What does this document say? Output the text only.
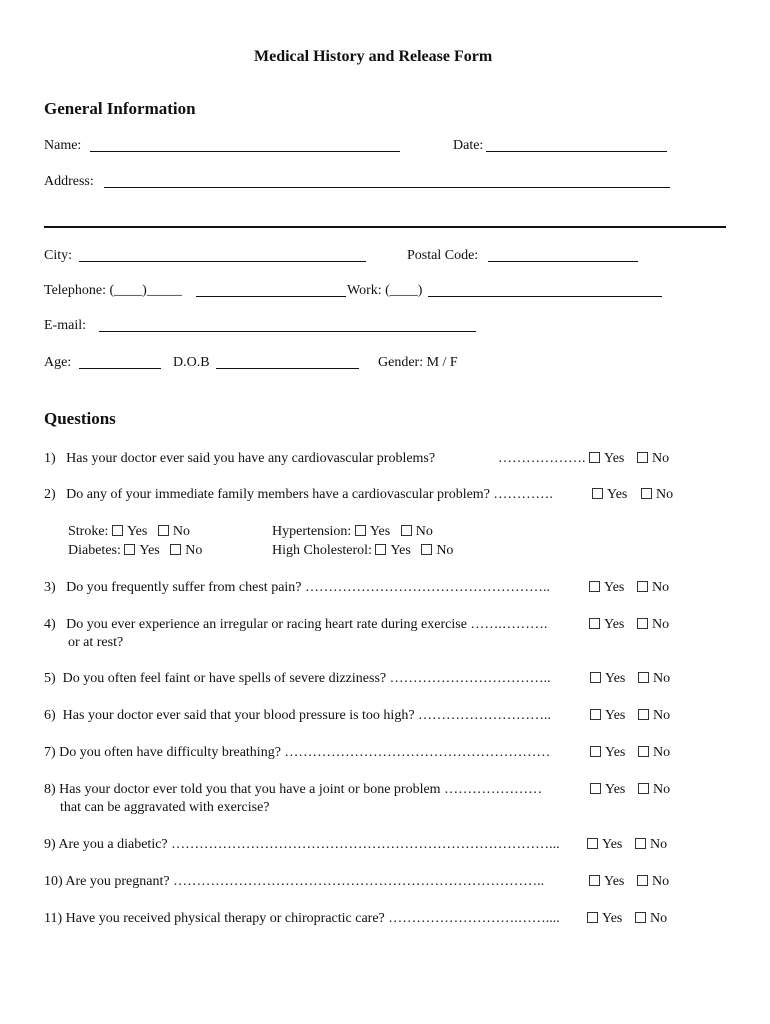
Medical History and Release Form
General Information
Name:	Date:
Address:
City:	Postal Code:
Telephone: (____)_____	Work: (____)
E-mail:
Age:	D.O.B	Gender: M / F
Questions
1) Has your doctor ever said you have any cardiovascular problems?	……………….	Yes	No
2) Do any of your immediate family members have a cardiovascular problem? ………….	Yes	No
Stroke: Yes No	Hypertension: Yes No
Diabetes: Yes No	High Cholesterol: Yes No
3) Do you frequently suffer from chest pain? ……………………………………………..	Yes	No
4) Do you ever experience an irregular or racing heart rate during exercise …….……….
or at rest?
Yes	No
5) Do you often feel faint or have spells of severe dizziness? ……………………………..	Yes	No
6) Has your doctor ever said that your blood pressure is too high? ………………………..	Yes	No
7) Do you often have difficulty breathing? …………………………………………………	Yes	No
8) Has your doctor ever told you that you have a joint or bone problem …………………
that can be aggravated with exercise?
Yes	No
9) Are you a diabetic? ………………………………………………………………………...	Yes	No
10) Are you pregnant? ……………………………………………………………………..	Yes	No
11) Have you received physical therapy or chiropractic care? ……………………….……....	Yes	No
